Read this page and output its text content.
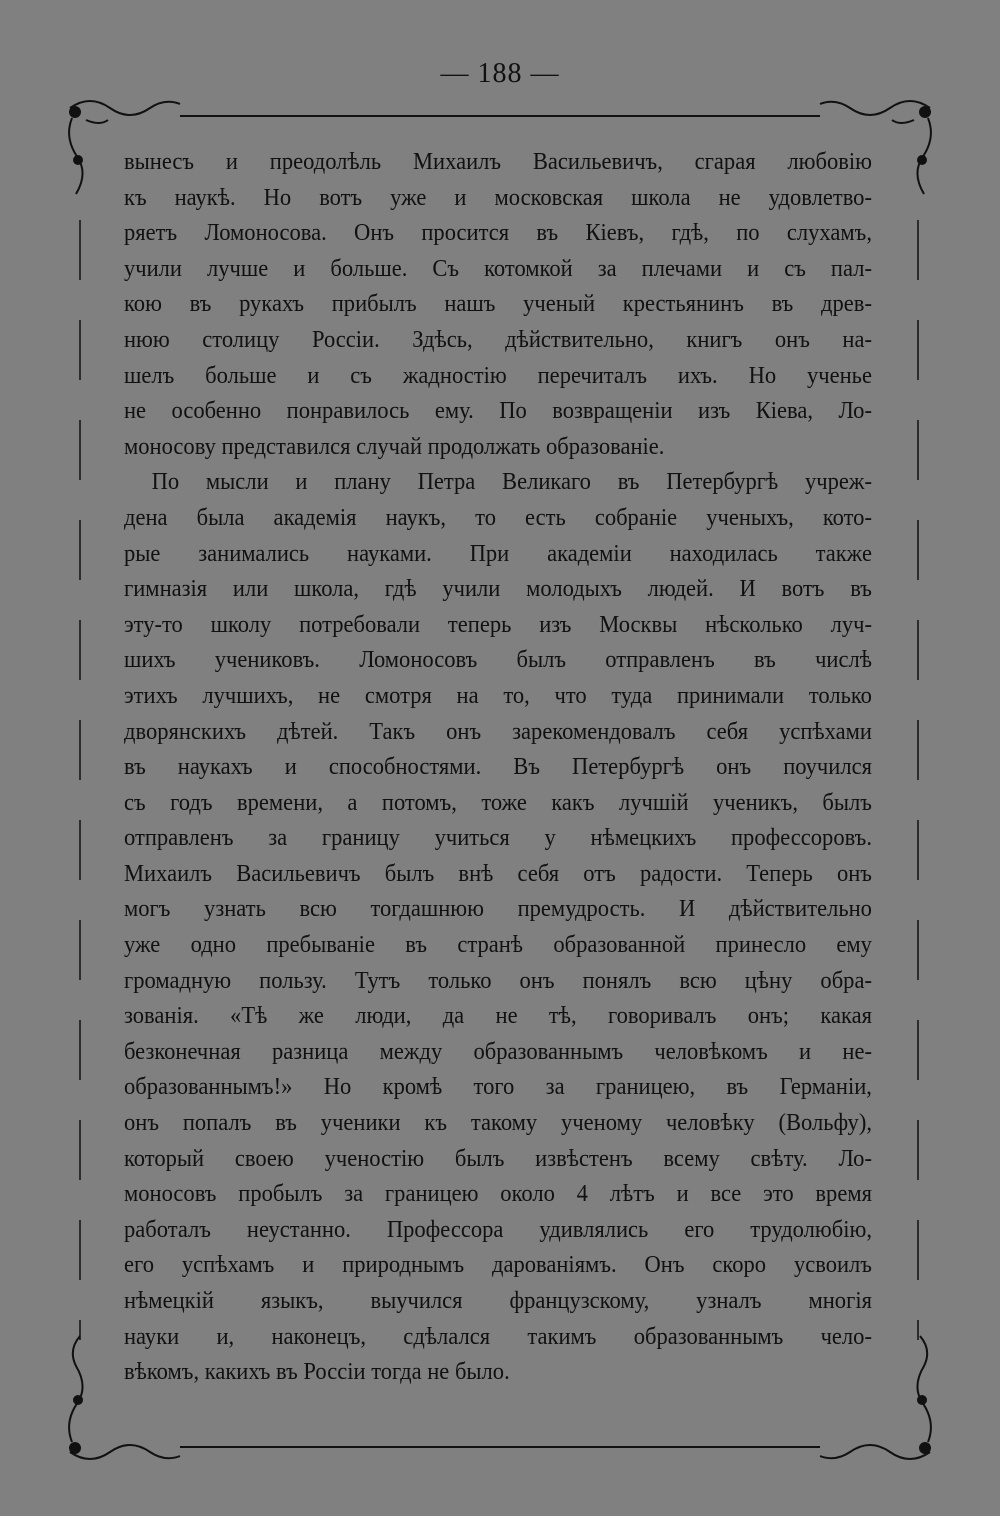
— 188 —
вынесъ и преодолѣль Михаилъ Васильевичъ, сгарая любовію
къ наукѣ. Но вотъ уже и московская школа не удовлетво-
ряетъ Ломоносова. Онъ просится въ Кіевъ, гдѣ, по слухамъ,
учили лучше и больше. Съ котомкой за плечами и съ пал-
кою въ рукахъ прибылъ нашъ ученый крестьянинъ въ древ-
нюю столицу Россіи. Здѣсь, дѣйствительно, книгъ онъ на-
шелъ больше и съ жадностію перечиталъ ихъ. Но ученье
не особенно понравилось ему. По возвращеніи изъ Кіева, Ло-
моносову представился случай продолжать образованіе.
По мысли и плану Петра Великаго въ Петербургѣ учреж-
дена была академія наукъ, то есть собраніе ученыхъ, кото-
рые занимались науками. При академіи находилась также
гимназія или школа, гдѣ учили молодыхъ людей. И вотъ въ
эту-то школу потребовали теперь изъ Москвы нѣсколько луч-
шихъ учениковъ. Ломоносовъ былъ отправленъ въ числѣ
этихъ лучшихъ, не смотря на то, что туда принимали только
дворянскихъ дѣтей. Такъ онъ зарекомендовалъ себя успѣхами
въ наукахъ и способностями. Въ Петербургѣ онъ поучился
съ годъ времени, а потомъ, тоже какъ лучшій ученикъ, былъ
отправленъ за границу учиться у нѣмецкихъ профессоровъ.
Михаилъ Васильевичъ былъ внѣ себя отъ радости. Теперь онъ
могъ узнать всю тогдашнюю премудрость. И дѣйствительно
уже одно пребываніе въ странѣ образованной принесло ему
громадную пользу. Тутъ только онъ понялъ всю цѣну обра-
зованія. «Тѣ же люди, да не тѣ, говоривалъ онъ; какая
безконечная разница между образованнымъ человѣкомъ и не-
образованнымъ!» Но кромѣ того за границею, въ Германіи,
онъ попалъ въ ученики къ такому ученому человѣку (Вольфу),
который своею ученостію былъ извѣстенъ всему свѣту. Ло-
моносовъ пробылъ за границею около 4 лѣтъ и все это время
работалъ неустанно. Профессора удивлялись его трудолюбію,
его успѣхамъ и природнымъ дарованіямъ. Онъ скоро усвоилъ
нѣмецкій языкъ, выучился французскому, узналъ многія
науки и, наконецъ, сдѣлался такимъ образованнымъ чело-
вѣкомъ, какихъ въ Россіи тогда не было.
